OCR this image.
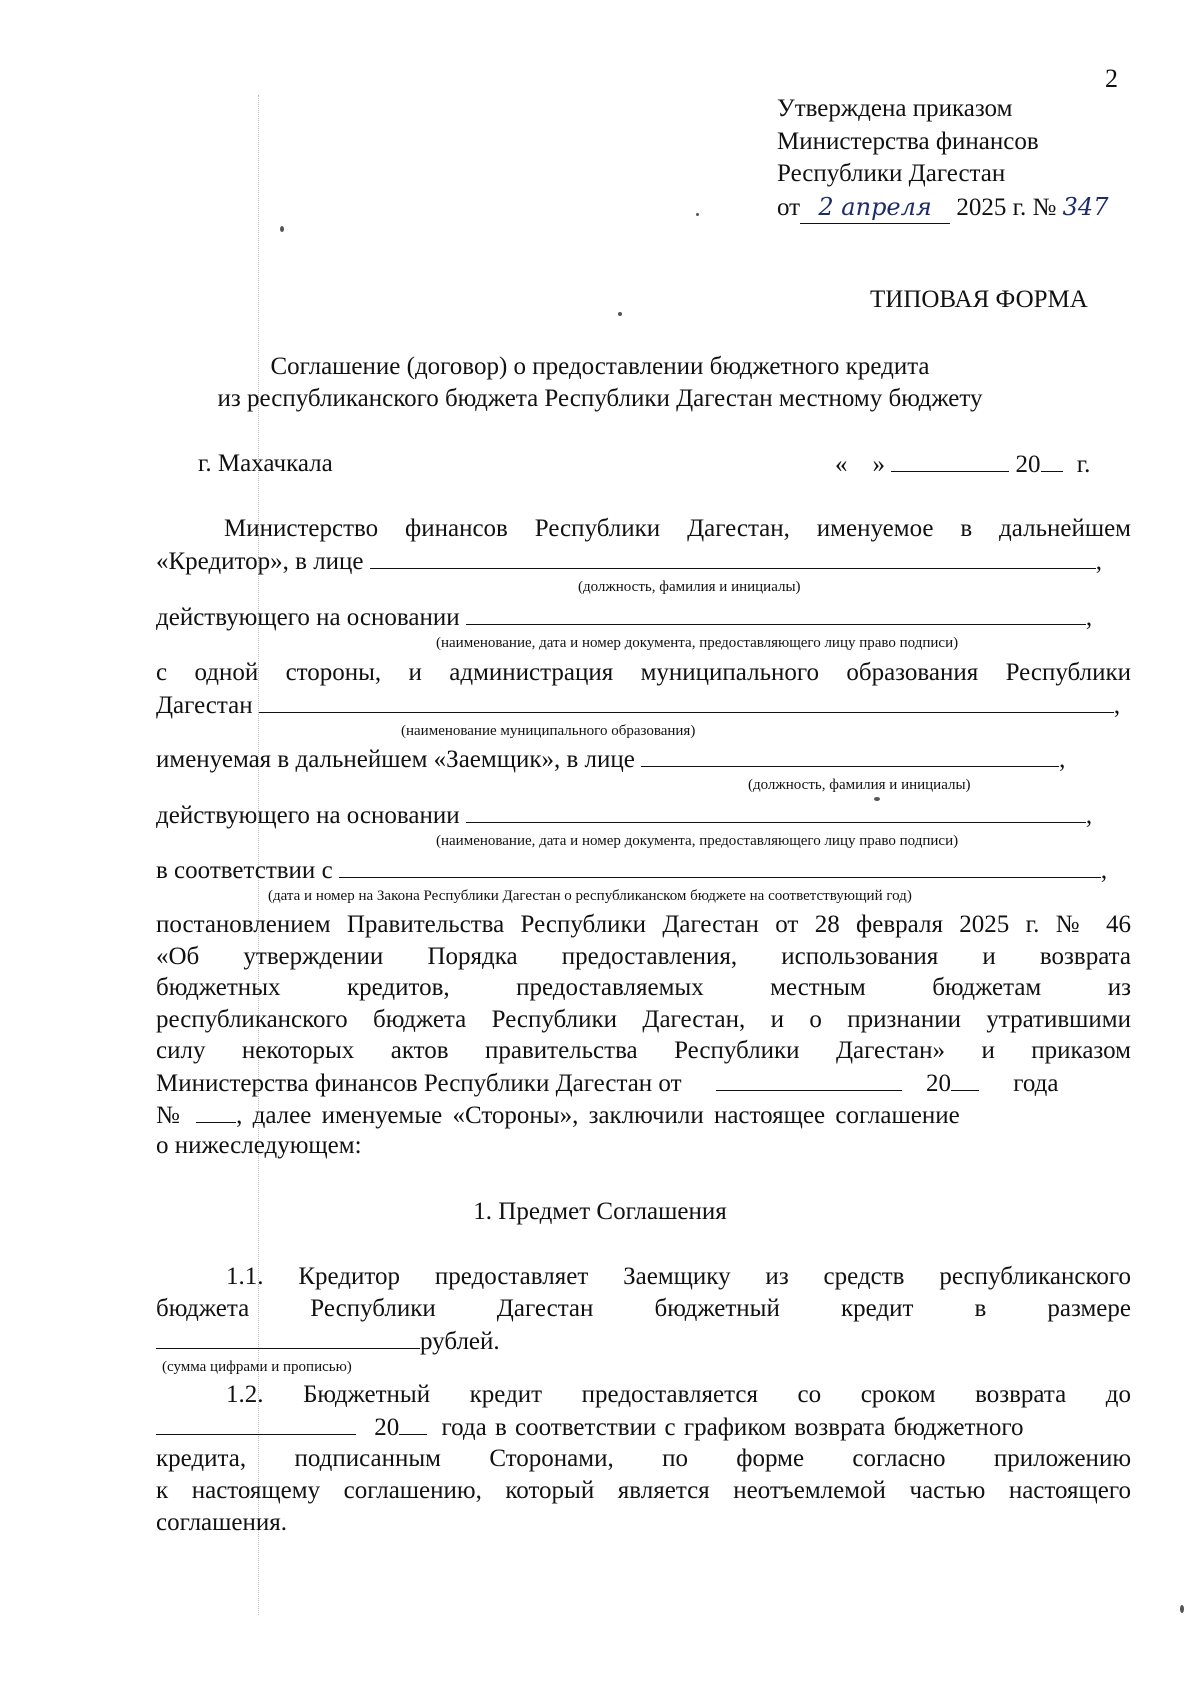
2
Утверждена приказом
Министерства финансов
Республики Дагестан
от 2 апреля 2025 г. № 347
ТИПОВАЯ ФОРМА
Соглашение (договор) о предоставлении бюджетного кредита
из республиканского бюджета Республики Дагестан местному бюджету
г. Махачкала	« »	20 г.
Министерство финансов Республики Дагестан, именуемое в дальнейшем
«Кредитор», в лице	,
(должность, фамилия и инициалы)
действующего на основании	,
(наименование, дата и номер документа, предоставляющего лицу право подписи)
с одной стороны, и администрация муниципального образования Республики
Дагестан	,
(наименование муниципального образования)
именуемая в дальнейшем «Заемщик», в лице	,
(должность, фамилия и инициалы)
действующего на основании	,
(наименование, дата и номер документа, предоставляющего лицу право подписи)
в соответствии с	,
(дата и номер на Закона Республики Дагестан о республиканском бюджете на соответствующий год)
постановлением Правительства Республики Дагестан от 28 февраля 2025 г. № 46
«Об утверждении Порядка предоставления, использования и возврата
бюджетных кредитов, предоставляемых местным бюджетам из
республиканского бюджета Республики Дагестан, и о признании утратившими
силу некоторых актов правительства Республики Дагестан» и приказом
Министерства финансов Республики Дагестан от	20 года
№ , далее именуемые «Стороны», заключили настоящее соглашение
о нижеследующем:
1. Предмет Соглашения
1.1. Кредитор предоставляет Заемщику из средств республиканского
бюджета Республики Дагестан бюджетный кредит в размере
рублей.
(сумма цифрами и прописью)
1.2. Бюджетный кредит предоставляется со сроком возврата до
20 года в соответствии с графиком возврата бюджетного
кредита, подписанным Сторонами, по форме согласно приложению
к настоящему соглашению, который является неотъемлемой частью настоящего
соглашения.
